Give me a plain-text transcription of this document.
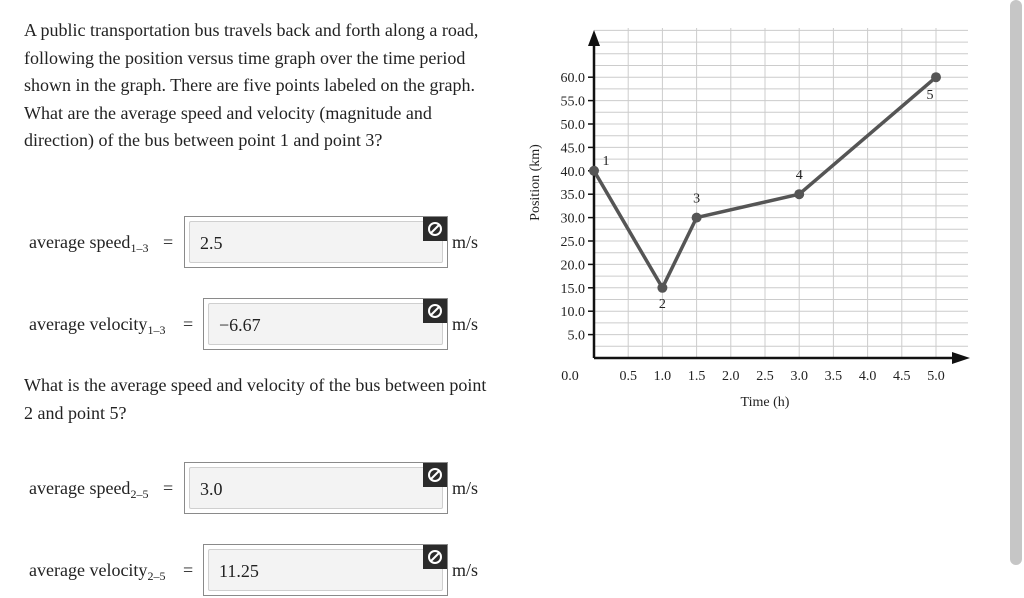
A public transportation bus travels back and forth along a road, following the position versus time graph over the time period shown in the graph. There are five points labeled on the graph. What are the average speed and velocity (magnitude and direction) of the bus between point 1 and point 3?

average speed$_{1-3}$ =	2.5	m/s
average velocity$_{1-3}$ =	−6.67	m/s

What is the average speed and velocity of the bus between point 2 and point 5?

average speed$_{2-5}$ =	3.0	m/s
average velocity$_{2-5}$ =	11.25	m/s
5.0
10.0
15.0
20.0
25.0
30.0
35.0
40.0
45.0
50.0
55.0
60.0
0.0	0.5 1.0 1.5 2.0 2.5 3.0 3.5 4.0 4.5 5.0
Time (h)
Position (km)	1
2
3
4
5
